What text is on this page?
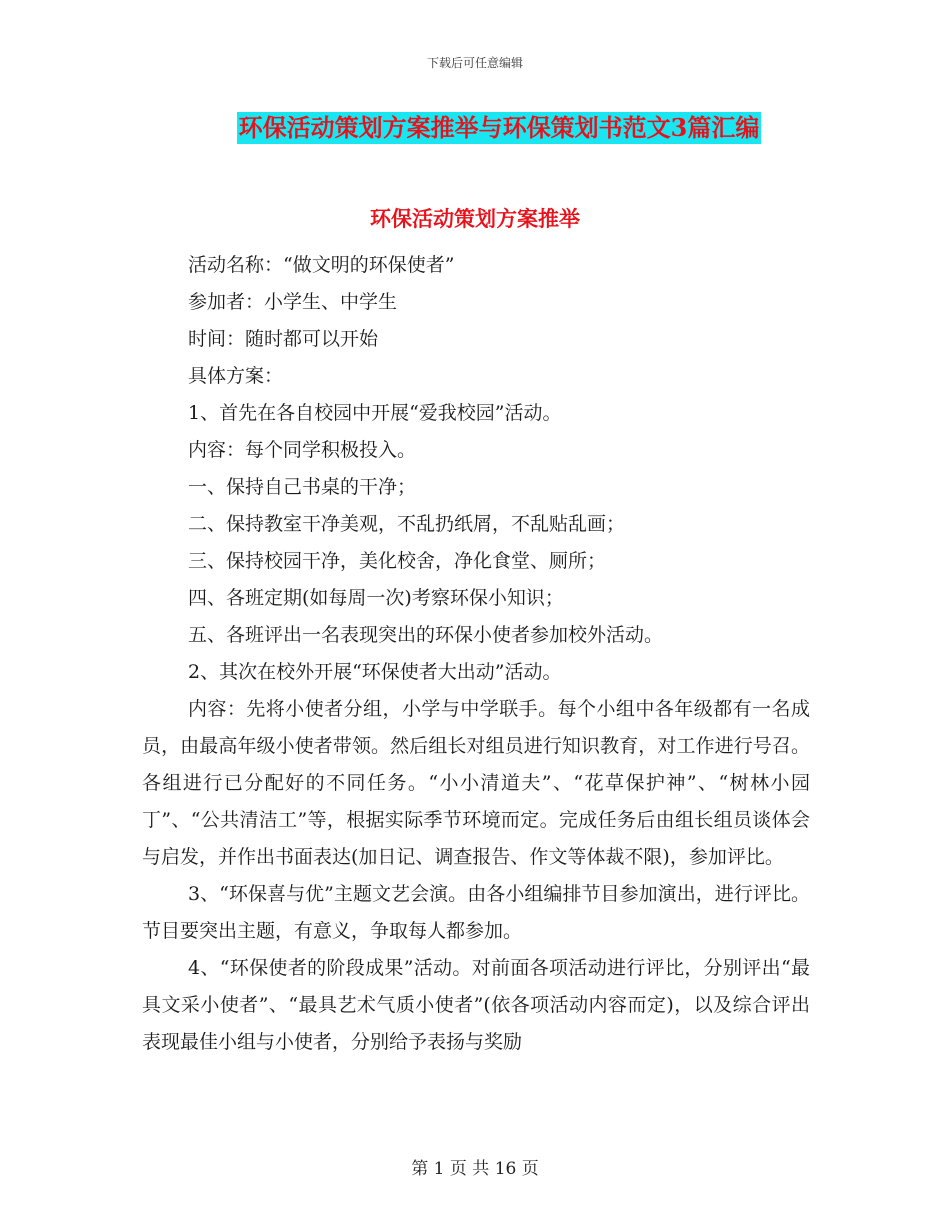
下载后可任意编辑
环保活动策划方案推举与环保策划书范文3篇汇编
环保活动策划方案推举

活动名称：“做文明的环保使者”

参加者：小学生、中学生

时间：随时都可以开始

具体方案：

1、首先在各自校园中开展“爱我校园”活动。

内容：每个同学积极投入。

一、保持自己书桌的干净；

二、保持教室干净美观，不乱扔纸屑，不乱贴乱画；

三、保持校园干净，美化校舍，净化食堂、厕所；

四、各班定期(如每周一次)考察环保小知识；

五、各班评出一名表现突出的环保小使者参加校外活动。

2、其次在校外开展“环保使者大出动”活动。

内容：先将小使者分组，小学与中学联手。每个小组中各年级都有一名成员，由最高年级小使者带领。然后组长对组员进行知识教育，对工作进行号召。各组进行已分配好的不同任务。“小小清道夫”、“花草保护神”、“树林小园丁”、“公共清洁工”等，根据实际季节环境而定。完成任务后由组长组员谈体会与启发，并作出书面表达(加日记、调查报告、作文等体裁不限)，参加评比。

3、“环保喜与优”主题文艺会演。由各小组编排节目参加演出，进行评比。节目要突出主题，有意义，争取每人都参加。

4、“环保使者的阶段成果”活动。对前面各项活动进行评比，分别评出“最具文采小使者”、“最具艺术气质小使者”(依各项活动内容而定)，以及综合评出表现最佳小组与小使者，分别给予表扬与奖励

第 1 页 共 16 页
